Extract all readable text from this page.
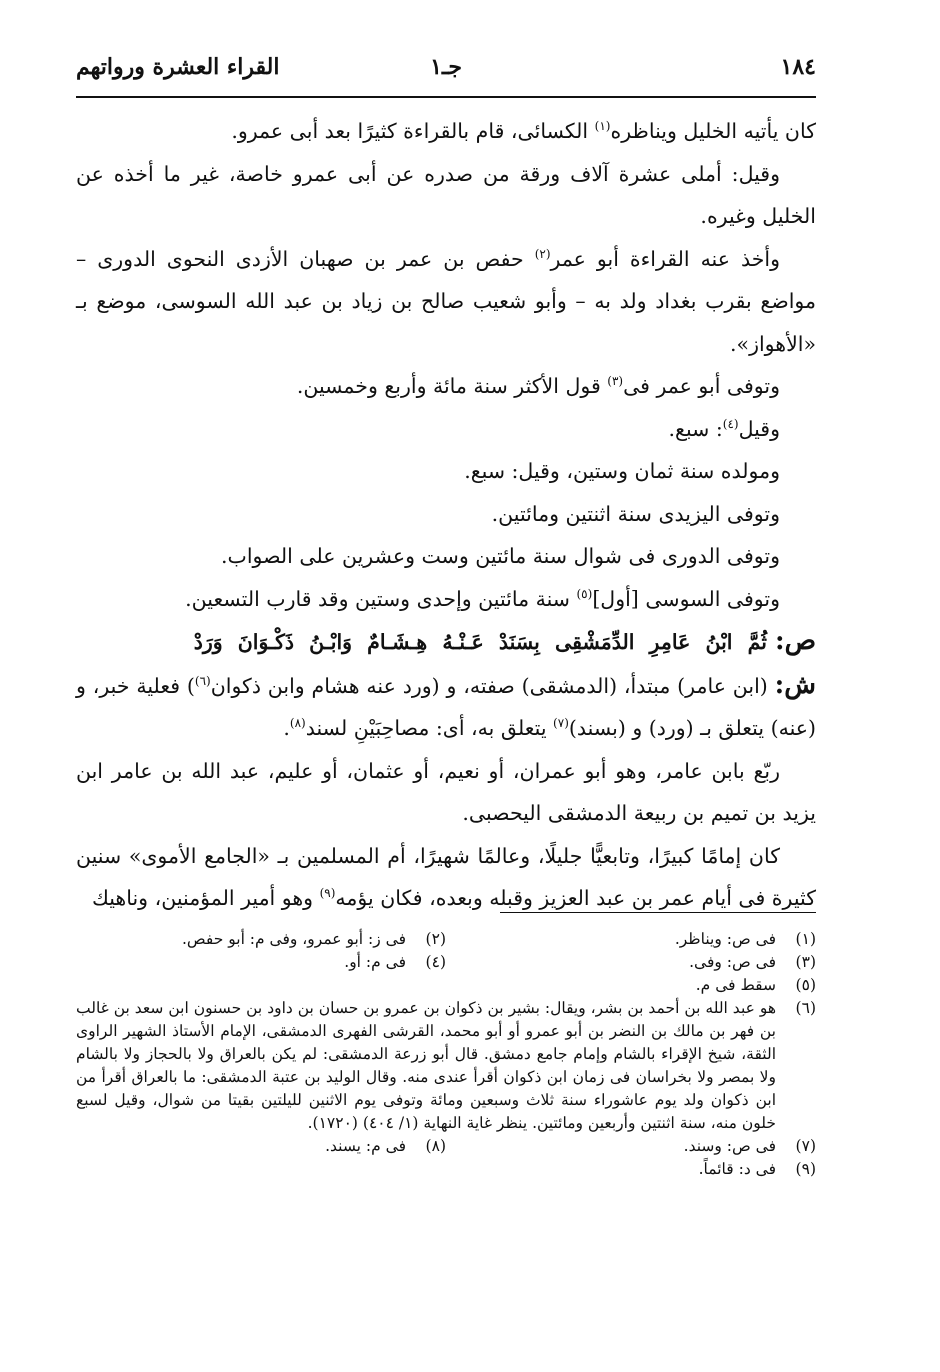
١٨٤
جـ١
القراء العشرة ورواتهم

كان يأتيه الخليل ويناظره$^{(١)}$ الكسائى، قام بالقراءة كثيرًا بعد أبى عمرو.

وقيل: أملى عشرة آلاف ورقة من صدره عن أبى عمرو خاصة، غير ما أخذه عن الخليل وغيره.

وأخذ عنه القراءة أبو عمر$^{(٢)}$ حفص بن عمر بن صهبان الأزدى النحوى الدورى – مواضع بقرب بغداد ولد به – وأبو شعيب صالح بن زياد بن عبد الله السوسى، موضع بـ «الأهواز».

وتوفى أبو عمر فى$^{(٣)}$ قول الأكثر سنة مائة وأربع وخمسين.

وقيل$^{(٤)}$: سبع.

ومولده سنة ثمان وستين، وقيل: سبع.

وتوفى اليزيدى سنة اثنتين ومائتين.

وتوفى الدورى فى شوال سنة مائتين وست وعشرين على الصواب.

وتوفى السوسى [أول]$^{(٥)}$ سنة مائتين وإحدى وستين وقد قارب التسعين.

ص:
ثُمَّ ابْنُ عَامِرِ الدِّمَشْقِى بِسَنَدْ عَـنْـهُ هِـشَـامٌ وَابْـنُ ذَكْـوَانَ وَرَدْ

ش: (ابن عامر) مبتدأ، (الدمشقى) صفته، و (ورد عنه هشام وابن ذكوان$^{(٦)}$) فعلية خبر، و (عنه) يتعلق بـ (ورد) و (بسند)$^{(٧)}$ يتعلق به، أى: مصاحِبَيْنِ لسند$^{(٨)}$.

ربّع بابن عامر، وهو أبو عمران، أو نعيم، أو عثمان، أو عليم، عبد الله بن عامر ابن يزيد بن تميم بن ربيعة الدمشقى اليحصبى.

كان إمامًا كبيرًا، وتابعيًّا جليلًا، وعالمًا شهيرًا، أم المسلمين بـ «الجامع الأموى» سنين كثيرة فى أيام عمر بن عبد العزيز وقبله وبعده، فكان يؤمه$^{(٩)}$ وهو أمير المؤمنين، وناهيك

(١)
فى ص: ويناظر.
(٢)
فى ز: أبو عمرو، وفى م: أبو حفص.
(٣)
فى ص: وفى.
(٤)
فى م: أو.
(٥)
سقط فى م.
(٦)
هو عبد الله بن أحمد بن بشر، ويقال: بشير بن ذكوان بن عمرو بن حسان بن داود بن حسنون ابن سعد بن غالب بن فهر بن مالك بن النضر بن أبو عمرو أو أبو محمد، القرشى الفهرى الدمشقى، الإمام الأستاذ الشهير الراوى الثقة، شيخ الإقراء بالشام وإمام جامع دمشق. قال أبو زرعة الدمشقى: لم يكن بالعراق ولا بالحجاز ولا بالشام ولا بمصر ولا بخراسان فى زمان ابن ذكوان أقرأ عندى منه. وقال الوليد بن عتبة الدمشقى: ما بالعراق أقرأ من ابن ذكوان ولد يوم عاشوراء سنة ثلاث وسبعين ومائة وتوفى يوم الاثنين لليلتين بقيتا من شوال، وقيل لسبع خلون منه، سنة اثنتين وأربعين ومائتين. ينظر غاية النهاية (١/ ٤٠٤) (١٧٢٠).
(٧)
فى ص: وسند.
(٨)
فى م: يسند.
(٩)
فى د: قائماً.
